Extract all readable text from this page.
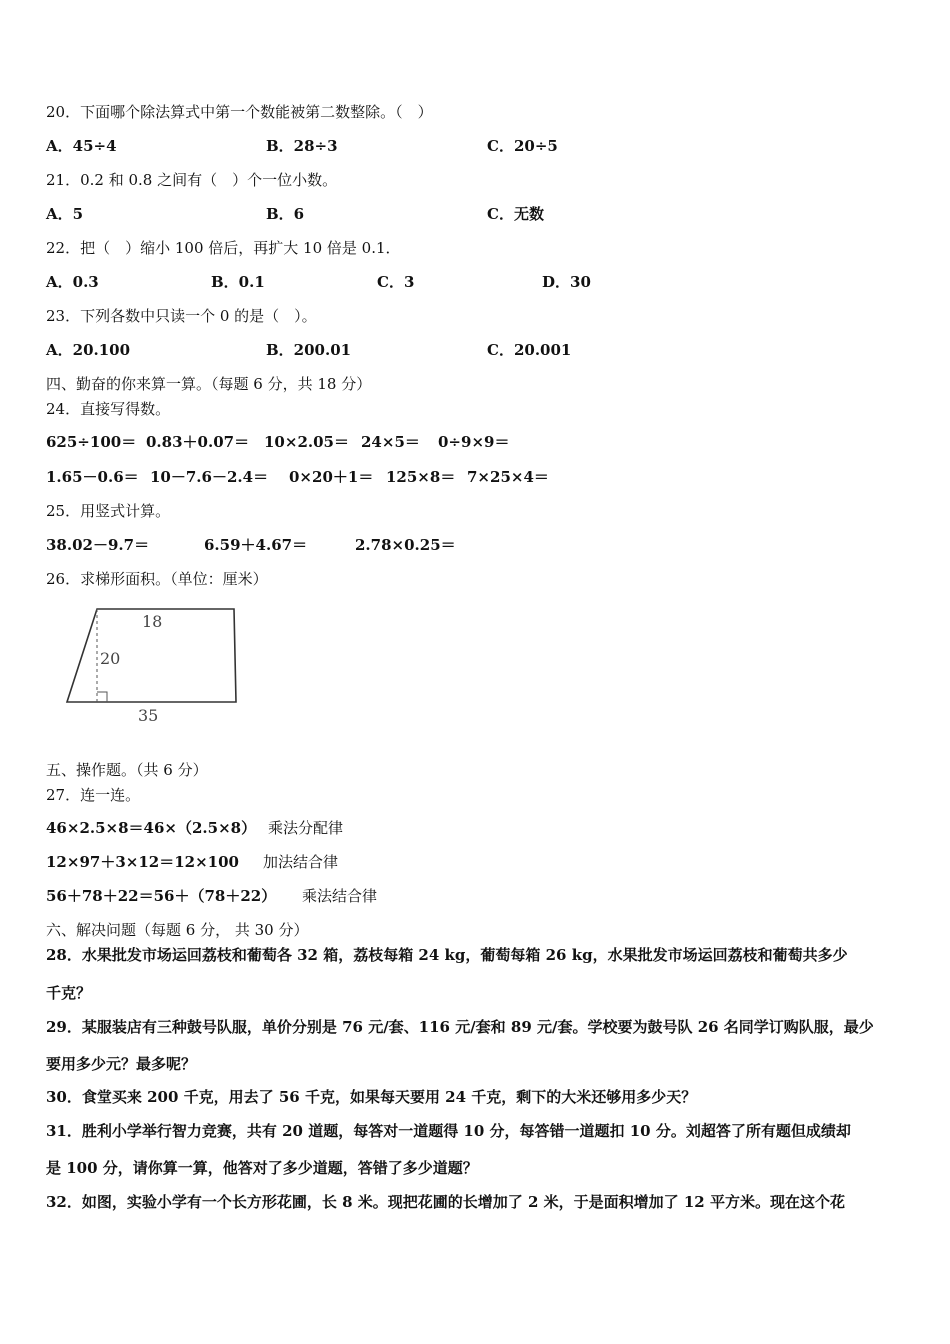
20．下面哪个除法算式中第一个数能被第二数整除。（　）
A．45÷4	B．28÷3	C．20÷5
21．0.2 和 0.8 之间有（　）个一位小数。
A．5	B．6	C．无数
22．把（　）缩小 100 倍后，再扩大 10 倍是 0.1．
A．0.3	B．0.1	C．3	D．30
23．下列各数中只读一个 0 的是（　）。
A．20.100	B．200.01	C．20.001
四、勤奋的你来算一算。（每题 6 分，共 18 分）
24．直接写得数。
625÷100＝ 0.83＋0.07＝ 10×2.05＝ 24×5＝ 0÷9×9＝
1.65－0.6＝ 10－7.6－2.4＝ 0×20＋1＝ 125×8＝ 7×25×4＝
25．用竖式计算。
38.02－9.7＝	6.59＋4.67＝	2.78×0.25＝
26．求梯形面积。（单位：厘米）
18
20
35
五、操作题。（共 6 分）
27．连一连。
46×2.5×8＝46×（2.5×8） 乘法分配律
12×97＋3×12＝12×100 加法结合律
56＋78＋22＝56＋（78＋22） 乘法结合律
六、解决问题（每题 6 分， 共 30 分）
28．水果批发市场运回荔枝和葡萄各 32 箱，荔枝每箱 24 kg，葡萄每箱 26 kg，水果批发市场运回荔枝和葡萄共多少
千克？
29．某服装店有三种鼓号队服，单价分别是 76 元/套、116 元/套和 89 元/套。学校要为鼓号队 26 名同学订购队服，最少
要用多少元？最多呢？
30．食堂买来 200 千克，用去了 56 千克，如果每天要用 24 千克，剩下的大米还够用多少天？
31．胜利小学举行智力竞赛，共有 20 道题，每答对一道题得 10 分，每答错一道题扣 10 分。刘超答了所有题但成绩却
是 100 分，请你算一算，他答对了多少道题，答错了多少道题？
32．如图，实验小学有一个长方形花圃，长 8 米。现把花圃的长增加了 2 米，于是面积增加了 12 平方米。现在这个花
